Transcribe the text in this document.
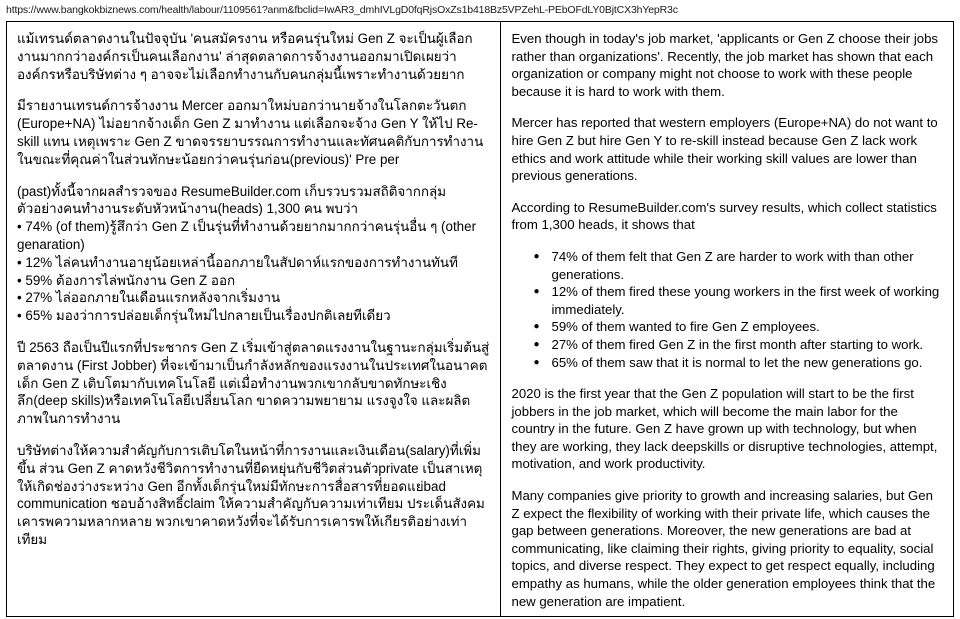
https://www.bangkokbiznews.com/health/labour/1109561?anm&fbclid=IwAR3_dmhIVLgD0fqRjsOxZs1b418Bz5VPZehL-PEbOFdLY0BjtCX3hYepR3c

แม้เทรนด์ตลาดงานในปัจจุบัน 'คนสมัครงาน หรือคนรุ่นใหม่ Gen Z จะเป็นผู้เลือกงานมากกว่าองค์กรเป็นคนเลือกงาน' ล่าสุดตลาดการจ้างงานออกมาเปิดเผยว่า องค์กรหรือบริษัทต่าง ๆ อาจจะไม่เลือกทำงานกับคนกลุ่มนี้เพราะทำงานด้วยยาก

มีรายงานเทรนด์การจ้างงาน Mercer ออกมาใหม่บอกว่านายจ้างในโลกตะวันตก (Europe+NA) ไม่อยากจ้างเด็ก Gen Z มาทำงาน แต่เลือกจะจ้าง Gen Y ให้ไป Re-skill แทน เหตุเพราะ Gen Z ขาดจรรยาบรรณการทำงานและทัศนคติกับการทำงาน ในขณะที่คุณค่าในส่วนทักษะน้อยกว่าคนรุ่นก่อน(previous)' Pre per

(past)ทั้งนี้จากผลสำรวจของ ResumeBuilder.com เก็บรวบรวมสถิติจากกลุ่มตัวอย่างคนทำงานระดับหัวหน้างาน(heads) 1,300 คน พบว่า

• 74% (of them)รู้สึกว่า Gen Z เป็นรุ่นที่ทำงานด้วยยากมากกว่าคนรุ่นอื่น ๆ (other genaration)

• 12% ไล่คนทำงานอายุน้อยเหล่านี้ออกภายในสัปดาห์แรกของการทำงานทันที

• 59% ต้องการไล่พนักงาน Gen Z ออก

• 27% ไล่ออกภายในเดือนแรกหลังจากเริ่มงาน

• 65% มองว่าการปล่อยเด็กรุ่นใหม่ไปกลายเป็นเรื่องปกติเลยทีเดียว

ปี 2563 ถือเป็นปีแรกที่ประชากร Gen Z เริ่มเข้าสู่ตลาดแรงงานในฐานะกลุ่มเริ่มต้นสู่ตลาดงาน (First Jobber) ที่จะเข้ามาเป็นกำลังหลักของแรงงานในประเทศในอนาคต เด็ก Gen Z เติบโตมากับเทคโนโลยี แต่เมื่อทำงานพวกเขากลับขาดทักษะเชิงลึก(deep skills)หรือเทคโนโลยีเปลี่ยนโลก ขาดความพยายาม แรงจูงใจ และผลิตภาพในการทำงาน

บริษัทต่างให้ความสำคัญกับการเติบโตในหน้าที่การงานและเงินเดือน(salary)ที่เพิ่มขึ้น ส่วน Gen Z คาดหวังชีวิตการทำงานที่ยืดหยุ่นกับชีวิตส่วนตัวprivate เป็นสาเหตุให้เกิดช่องว่างระหว่าง Gen อีกทั้งเด็กรุ่นใหม่มีทักษะการสื่อสารที่ยอดแย่bad communication ชอบอ้างสิทธิ์claim ให้ความสำคัญกับความเท่าเทียม ประเด็นสังคมเคารพความหลากหลาย พวกเขาคาดหวังที่จะได้รับการเคารพให้เกียรติอย่างเท่าเทียม

Even though in today's job market, 'applicants or Gen Z choose their jobs rather than organizations'. Recently, the job market has shown that each organization or company might not choose to work with these people because it is hard to work with them.

Mercer has reported that western employers (Europe+NA) do not want to hire Gen Z but hire Gen Y to re-skill instead because Gen Z lack work ethics and work attitude while their working skill values are lower than previous generations.

According to ResumeBuilder.com's survey results, which collect statistics from 1,300 heads, it shows that

● 74% of them felt that Gen Z are harder to work with than other generations.
● 12% of them fired these young workers in the first week of working immediately.
● 59% of them wanted to fire Gen Z employees.
● 27% of them fired Gen Z in the first month after starting to work.
● 65% of them saw that it is normal to let the new generations go.

2020 is the first year that the Gen Z population will start to be the first jobbers in the job market, which will become the main labor for the country in the future. Gen Z have grown up with technology, but when they are working, they lack deepskills or disruptive technologies, attempt, motivation, and work productivity.

Many companies give priority to growth and increasing salaries, but Gen Z expect the flexibility of working with their private life, which causes the gap between generations. Moreover, the new generations are bad at communicating, like claiming their rights, giving priority to equality, social topics, and diverse respect. They expect to get respect equally, including empathy as humans, while the older generation employees think that the new generation are impatient.
